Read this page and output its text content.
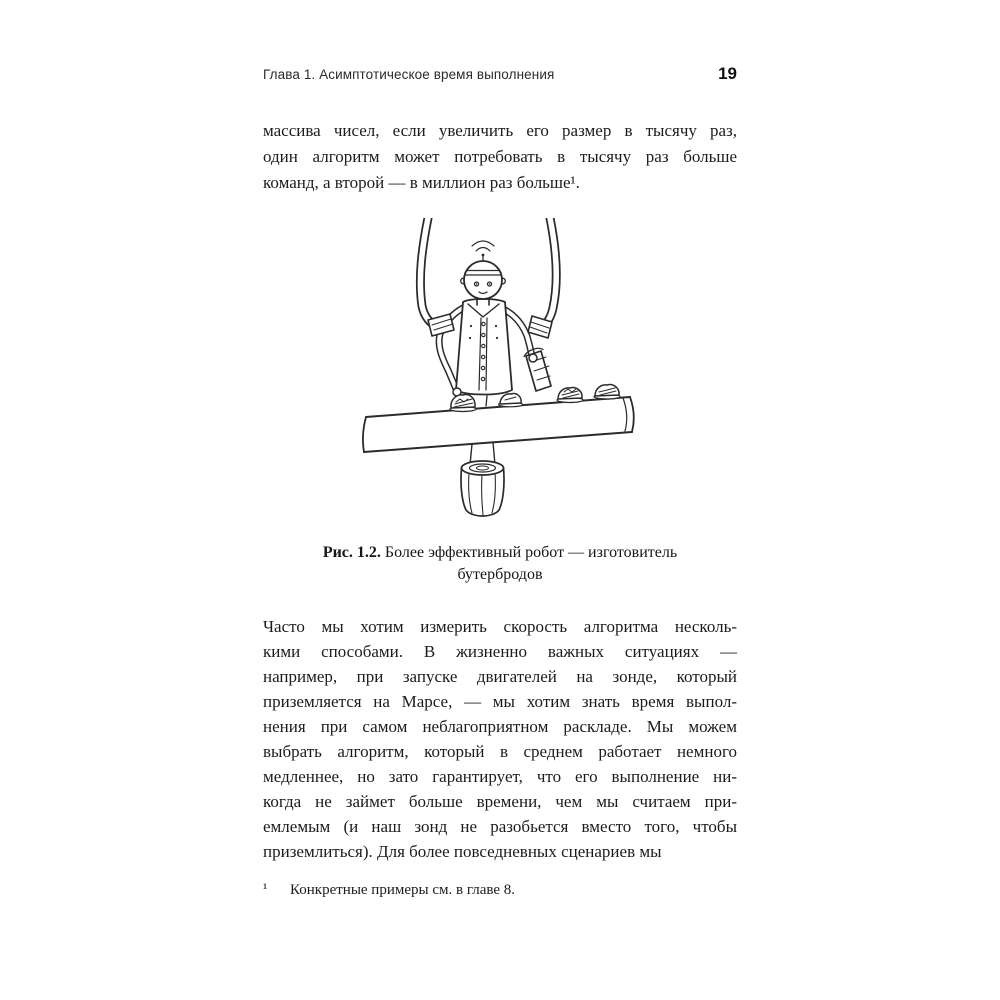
Глава 1. Асимптотическое время выполнения	19
массива чисел, если увеличить его размер в тысячу раз,
один алгоритм может потребовать в тысячу раз больше
команд, а второй — в миллион раз больше¹.
Рис. 1.2. Более эффективный робот — изготовитель
бутербродов
Часто мы хотим измерить скорость алгоритма несколь-
кими способами. В жизненно важных ситуациях —
например, при запуске двигателей на зонде, который
приземляется на Марсе, — мы хотим знать время выпол-
нения при самом неблагоприятном раскладе. Мы можем
выбрать алгоритм, который в среднем работает немного
медленнее, но зато гарантирует, что его выполнение ни-
когда не займет больше времени, чем мы считаем при-
емлемым (и наш зонд не разобьется вместо того, чтобы
приземлиться). Для более повседневных сценариев мы
¹	Конкретные примеры см. в главе 8.
